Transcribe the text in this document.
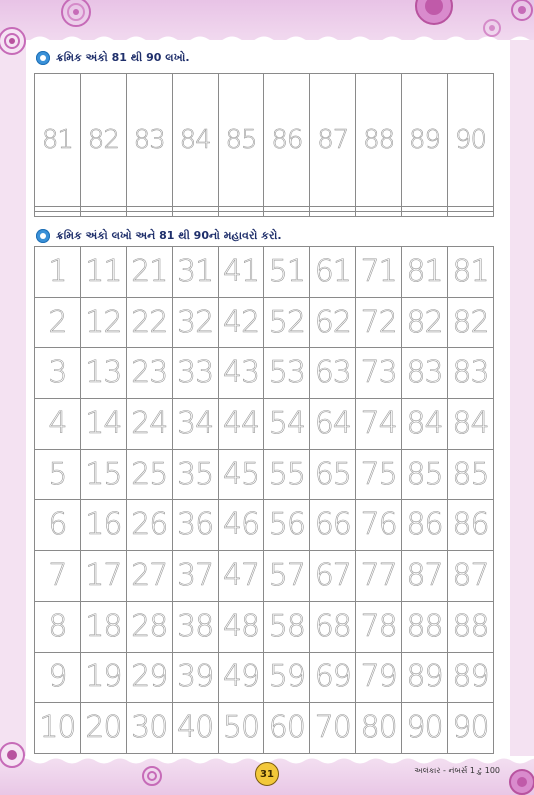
ક્રમિક અંકો 81 થી 90 લખો.
81	82	83	84	85	86	87	88	89	90

ક્રમિક અંકો લખો અને 81 થી 90નો મહાવરો કરો.
1	11	21	31	41	51	61	71	81	81
2	12	22	32	42	52	62	72	82	82
3	13	23	33	43	53	63	73	83	83
4	14	24	34	44	54	64	74	84	84
5	15	25	35	45	55	65	75	85	85
6	16	26	36	46	56	66	76	86	86
7	17	27	37	47	57	67	77	87	87
8	18	28	38	48	58	68	78	88	88
9	19	29	39	49	59	69	79	89	89
10	20	30	40	50	60	70	80	90	90
31	અલંકાર - નંબર્સ 1 ટુ 100
